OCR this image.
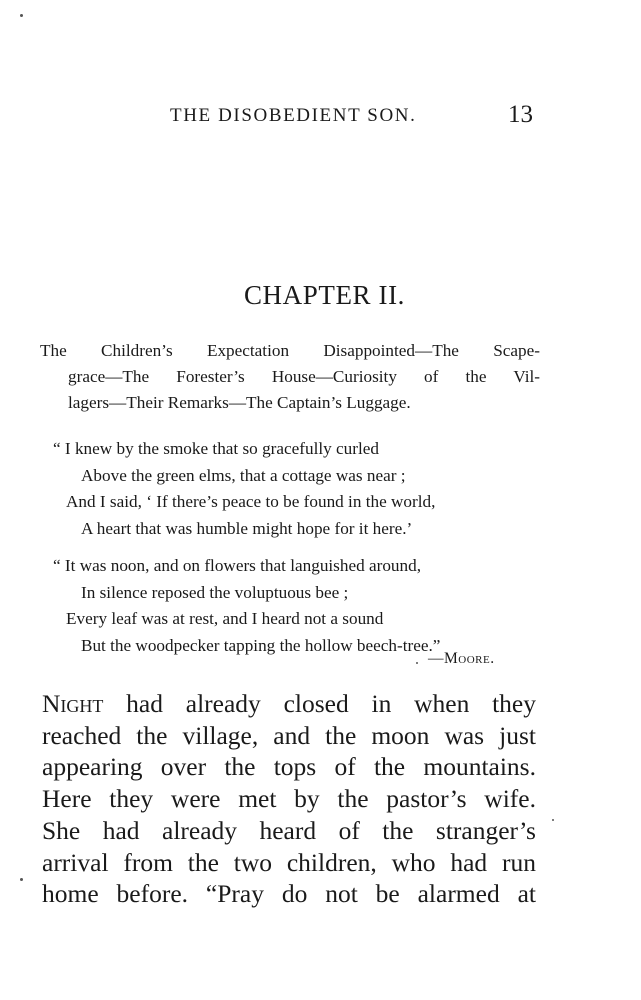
THE DISOBEDIENT SON.	13
CHAPTER II.
The Children’s Expectation Disappointed—The Scape-
grace—The Forester’s House—Curiosity of the Vil-
lagers—Their Remarks—The Captain’s Luggage.
“ I knew by the smoke that so gracefully curled
Above the green elms, that a cottage was near ;
And I said, ‘ If there’s peace to be found in the world,
A heart that was humble might hope for it here.’
“ It was noon, and on flowers that languished around,
In silence reposed the voluptuous bee ;
Every leaf was at rest, and I heard not a sound
But the woodpecker tapping the hollow beech-tree.”
—Moore.
Night had already closed in when they
reached the village, and the moon was just
appearing over the tops of the mountains.
Here they were met by the pastor’s wife.
She had already heard of the stranger’s
arrival from the two children, who had run
home before. “Pray do not be alarmed at
